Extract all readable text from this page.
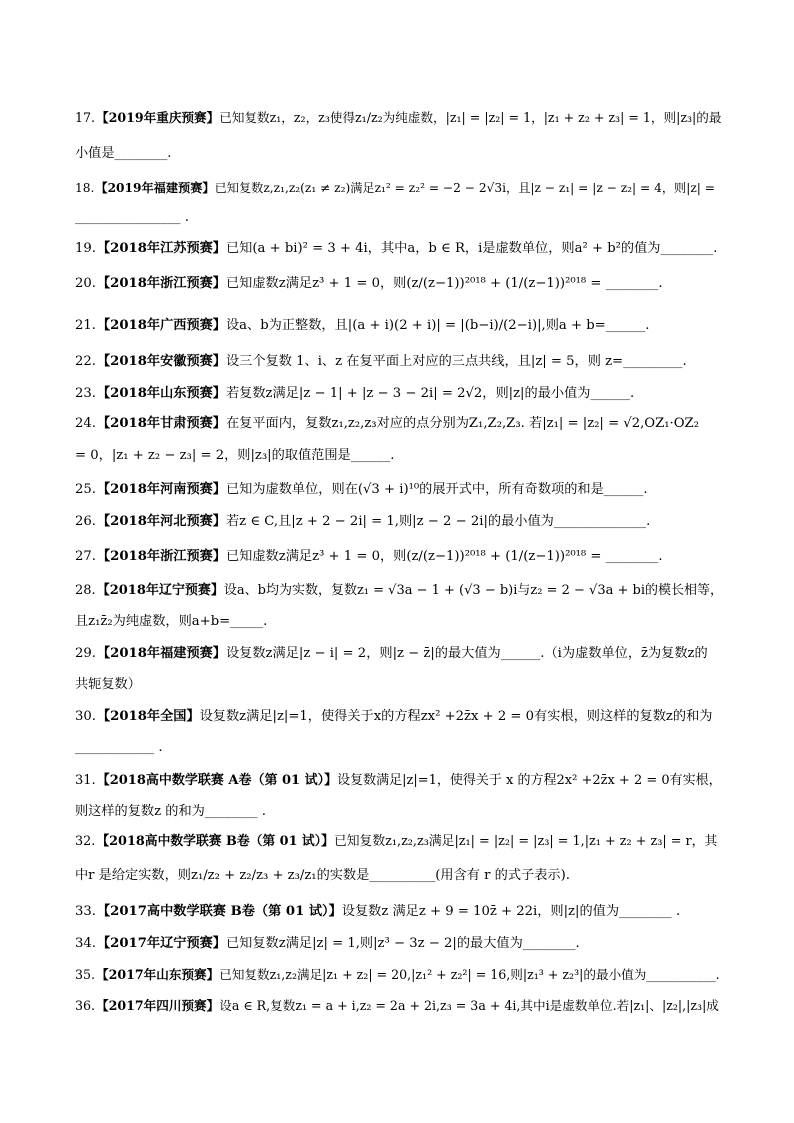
17.【2019年重庆预赛】已知复数z₁，z₂，z₃使得z₁/z₂为纯虚数，|z₁| = |z₂| = 1，|z₁ + z₂ + z₃| = 1，则|z₃|的最
小值是________.
18.【2019年福建预赛】已知复数z,z₁,z₂(z₁ ≠ z₂)满足z₁² = z₂² = −2 − 2√3i，且|z − z₁| = |z − z₂| = 4，则|z| =
________________ .
19.【2018年江苏预赛】已知(a + bi)² = 3 + 4i，其中a，b ∈ R，i是虚数单位，则a² + b²的值为________.
20.【2018年浙江预赛】已知虚数z满足z³ + 1 = 0，则(z/(z−1))²⁰¹⁸ + (1/(z−1))²⁰¹⁸ = ________.
21.【2018年广西预赛】设a、b为正整数，且|(a + i)(2 + i)| = |(b−i)/(2−i)|,则a + b=______.
22.【2018年安徽预赛】设三个复数 1、i、z 在复平面上对应的三点共线，且|z| = 5，则 z=_________.
23.【2018年山东预赛】若复数z满足|z − 1| + |z − 3 − 2i| = 2√2，则|z|的最小值为______.
24.【2018年甘肃预赛】在复平面内，复数z₁,z₂,z₃对应的点分别为Z₁,Z₂,Z₃. 若|z₁| = |z₂| = √2,OZ₁·OZ₂
= 0，|z₁ + z₂ − z₃| = 2，则|z₃|的取值范围是______.
25.【2018年河南预赛】已知为虚数单位，则在(√3 + i)¹⁰的展开式中，所有奇数项的和是______.
26.【2018年河北预赛】若z ∈ C,且|z + 2 − 2i| = 1,则|z − 2 − 2i|的最小值为______________.
27.【2018年浙江预赛】已知虚数z满足z³ + 1 = 0，则(z/(z−1))²⁰¹⁸ + (1/(z−1))²⁰¹⁸ = ________.
28.【2018年辽宁预赛】设a、b均为实数，复数z₁ = √3a − 1 + (√3 − b)i与z₂ = 2 − √3a + bi的模长相等，
且z₁z̄₂为纯虚数，则a+b=_____.
29.【2018年福建预赛】设复数z满足|z − i| = 2，则|z − z̄|的最大值为______.（i为虚数单位，z̄为复数z的
共轭复数）
30.【2018年全国】设复数z满足|z|=1，使得关于x的方程zx² +2z̄x + 2 = 0有实根，则这样的复数z的和为
____________ .
31.【2018高中数学联赛 A卷（第 01 试）】设复数满足|z|=1，使得关于 x 的方程2x² +2z̄x + 2 = 0有实根，
则这样的复数z 的和为________ .
32.【2018高中数学联赛 B卷（第 01 试）】已知复数z₁,z₂,z₃满足|z₁| = |z₂| = |z₃| = 1,|z₁ + z₂ + z₃| = r，其
中r 是给定实数，则z₁/z₂ + z₂/z₃ + z₃/z₁的实数是__________(用含有 r 的式子表示).
33.【2017高中数学联赛 B卷（第 01 试）】设复数z 满足z + 9 = 10z̄ + 22i，则|z|的值为________ .
34.【2017年辽宁预赛】已知复数z满足|z| = 1,则|z³ − 3z − 2|的最大值为________.
35.【2017年山东预赛】已知复数z₁,z₂满足|z₁ + z₂| = 20,|z₁² + z₂²| = 16,则|z₁³ + z₂³|的最小值为___________.
36.【2017年四川预赛】设a ∈ R,复数z₁ = a + i,z₂ = 2a + 2i,z₃ = 3a + 4i,其中i是虚数单位.若|z₁|、|z₂|,|z₃|成
